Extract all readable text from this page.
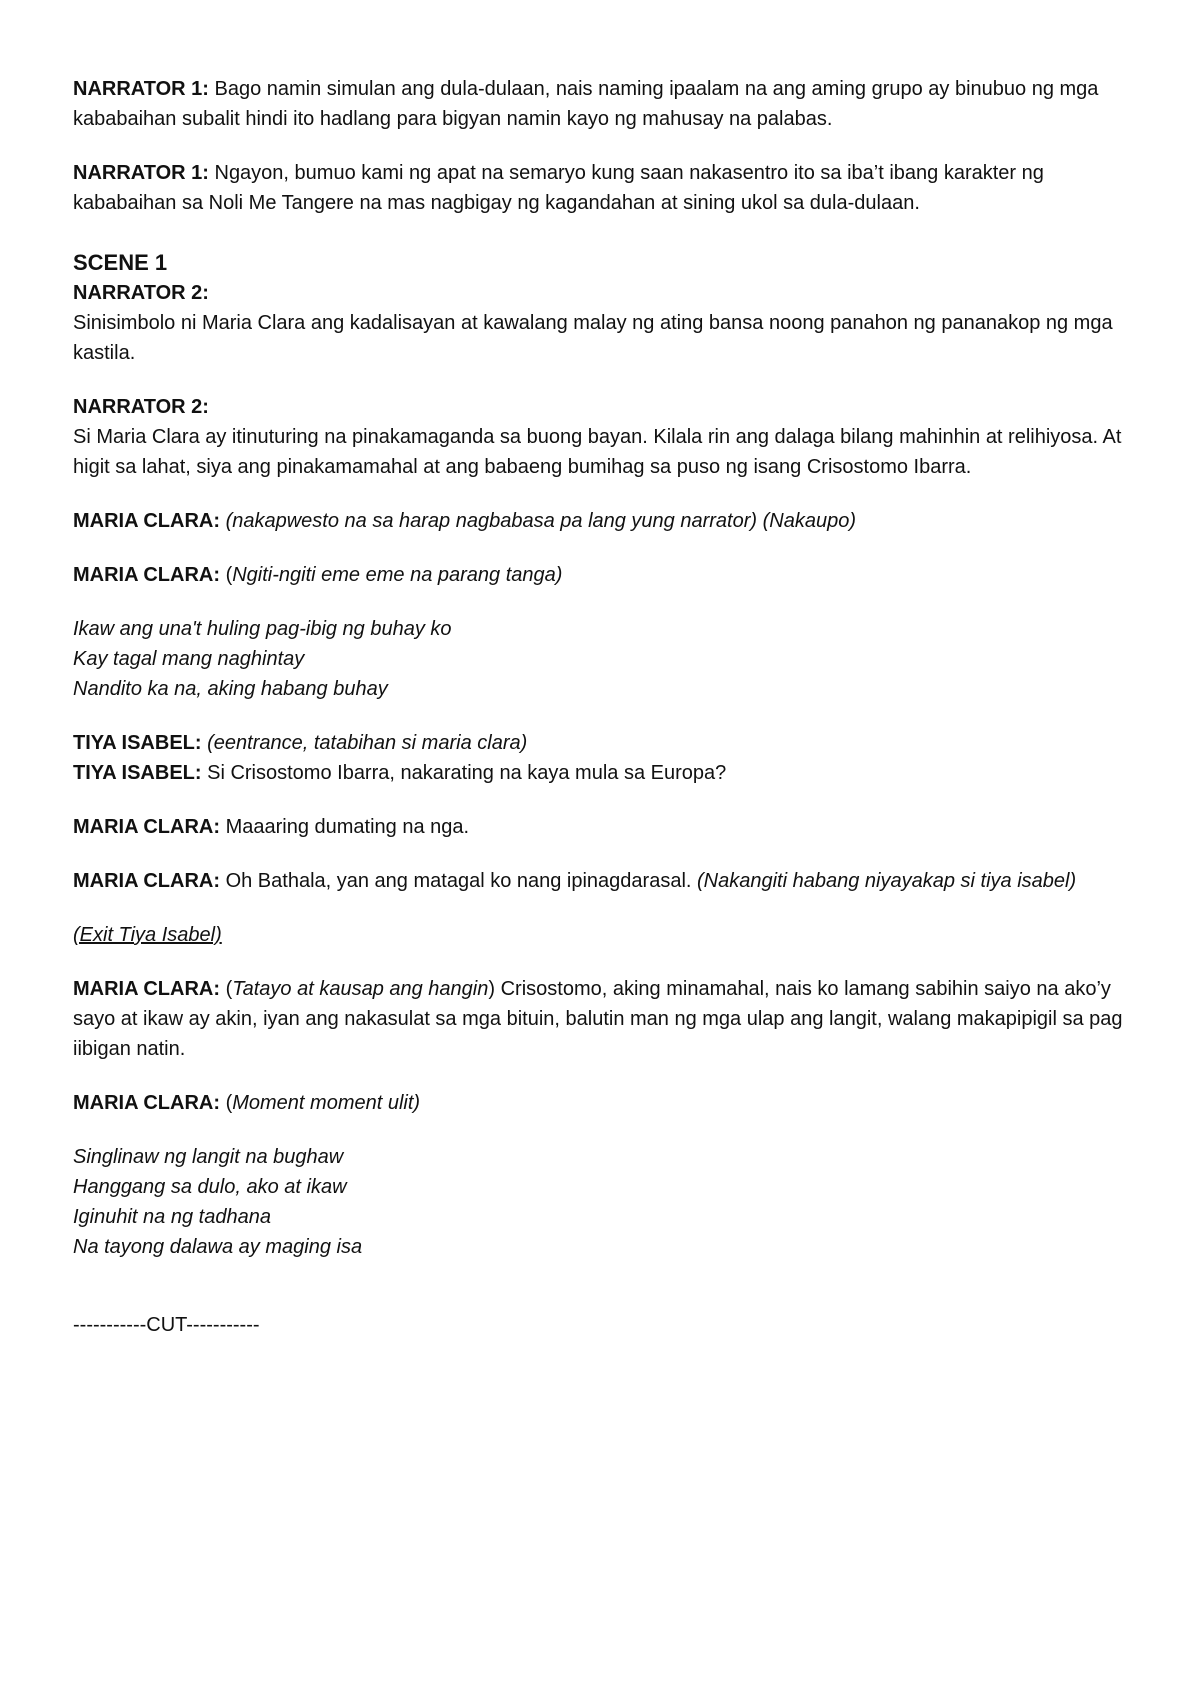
NARRATOR 1: Bago namin simulan ang dula-dulaan, nais naming ipaalam na ang aming grupo ay binubuo ng mga kababaihan subalit hindi ito hadlang para bigyan namin kayo ng mahusay na palabas.

NARRATOR 1: Ngayon, bumuo kami ng apat na semaryo kung saan nakasentro ito sa iba’t ibang karakter ng kababaihan sa Noli Me Tangere na mas nagbigay ng kagandahan at sining ukol sa dula-dulaan.

SCENE 1

NARRATOR 2:
Sinisimbolo ni Maria Clara ang kadalisayan at kawalang malay ng ating bansa noong panahon ng pananakop ng mga kastila.

NARRATOR 2:
Si Maria Clara ay itinuturing na pinakamaganda sa buong bayan. Kilala rin ang dalaga bilang mahinhin at relihiyosa. At higit sa lahat, siya ang pinakamamahal at ang babaeng bumihag sa puso ng isang Crisostomo Ibarra.

MARIA CLARA: (nakapwesto na sa harap nagbabasa pa lang yung narrator) (Nakaupo)

MARIA CLARA: (Ngiti-ngiti eme eme na parang tanga)

Ikaw ang una't huling pag-ibig ng buhay ko
Kay tagal mang naghintay
Nandito ka na, aking habang buhay

TIYA ISABEL: (eentrance, tatabihan si maria clara)

TIYA ISABEL: Si Crisostomo Ibarra, nakarating na kaya mula sa Europa?

MARIA CLARA: Maaaring dumating na nga.

MARIA CLARA: Oh Bathala, yan ang matagal ko nang ipinagdarasal. (Nakangiti habang niyayakap si tiya isabel)

(Exit Tiya Isabel)

MARIA CLARA: (Tatayo at kausap ang hangin) Crisostomo, aking minamahal, nais ko lamang sabihin saiyo na ako’y sayo at ikaw ay akin, iyan ang nakasulat sa mga bituin, balutin man ng mga ulap ang langit, walang makapipigil sa pag iibigan natin.

MARIA CLARA: (Moment moment ulit)

Singlinaw ng langit na bughaw
Hanggang sa dulo, ako at ikaw
Iginuhit na ng tadhana
Na tayong dalawa ay maging isa

-----------CUT-----------
